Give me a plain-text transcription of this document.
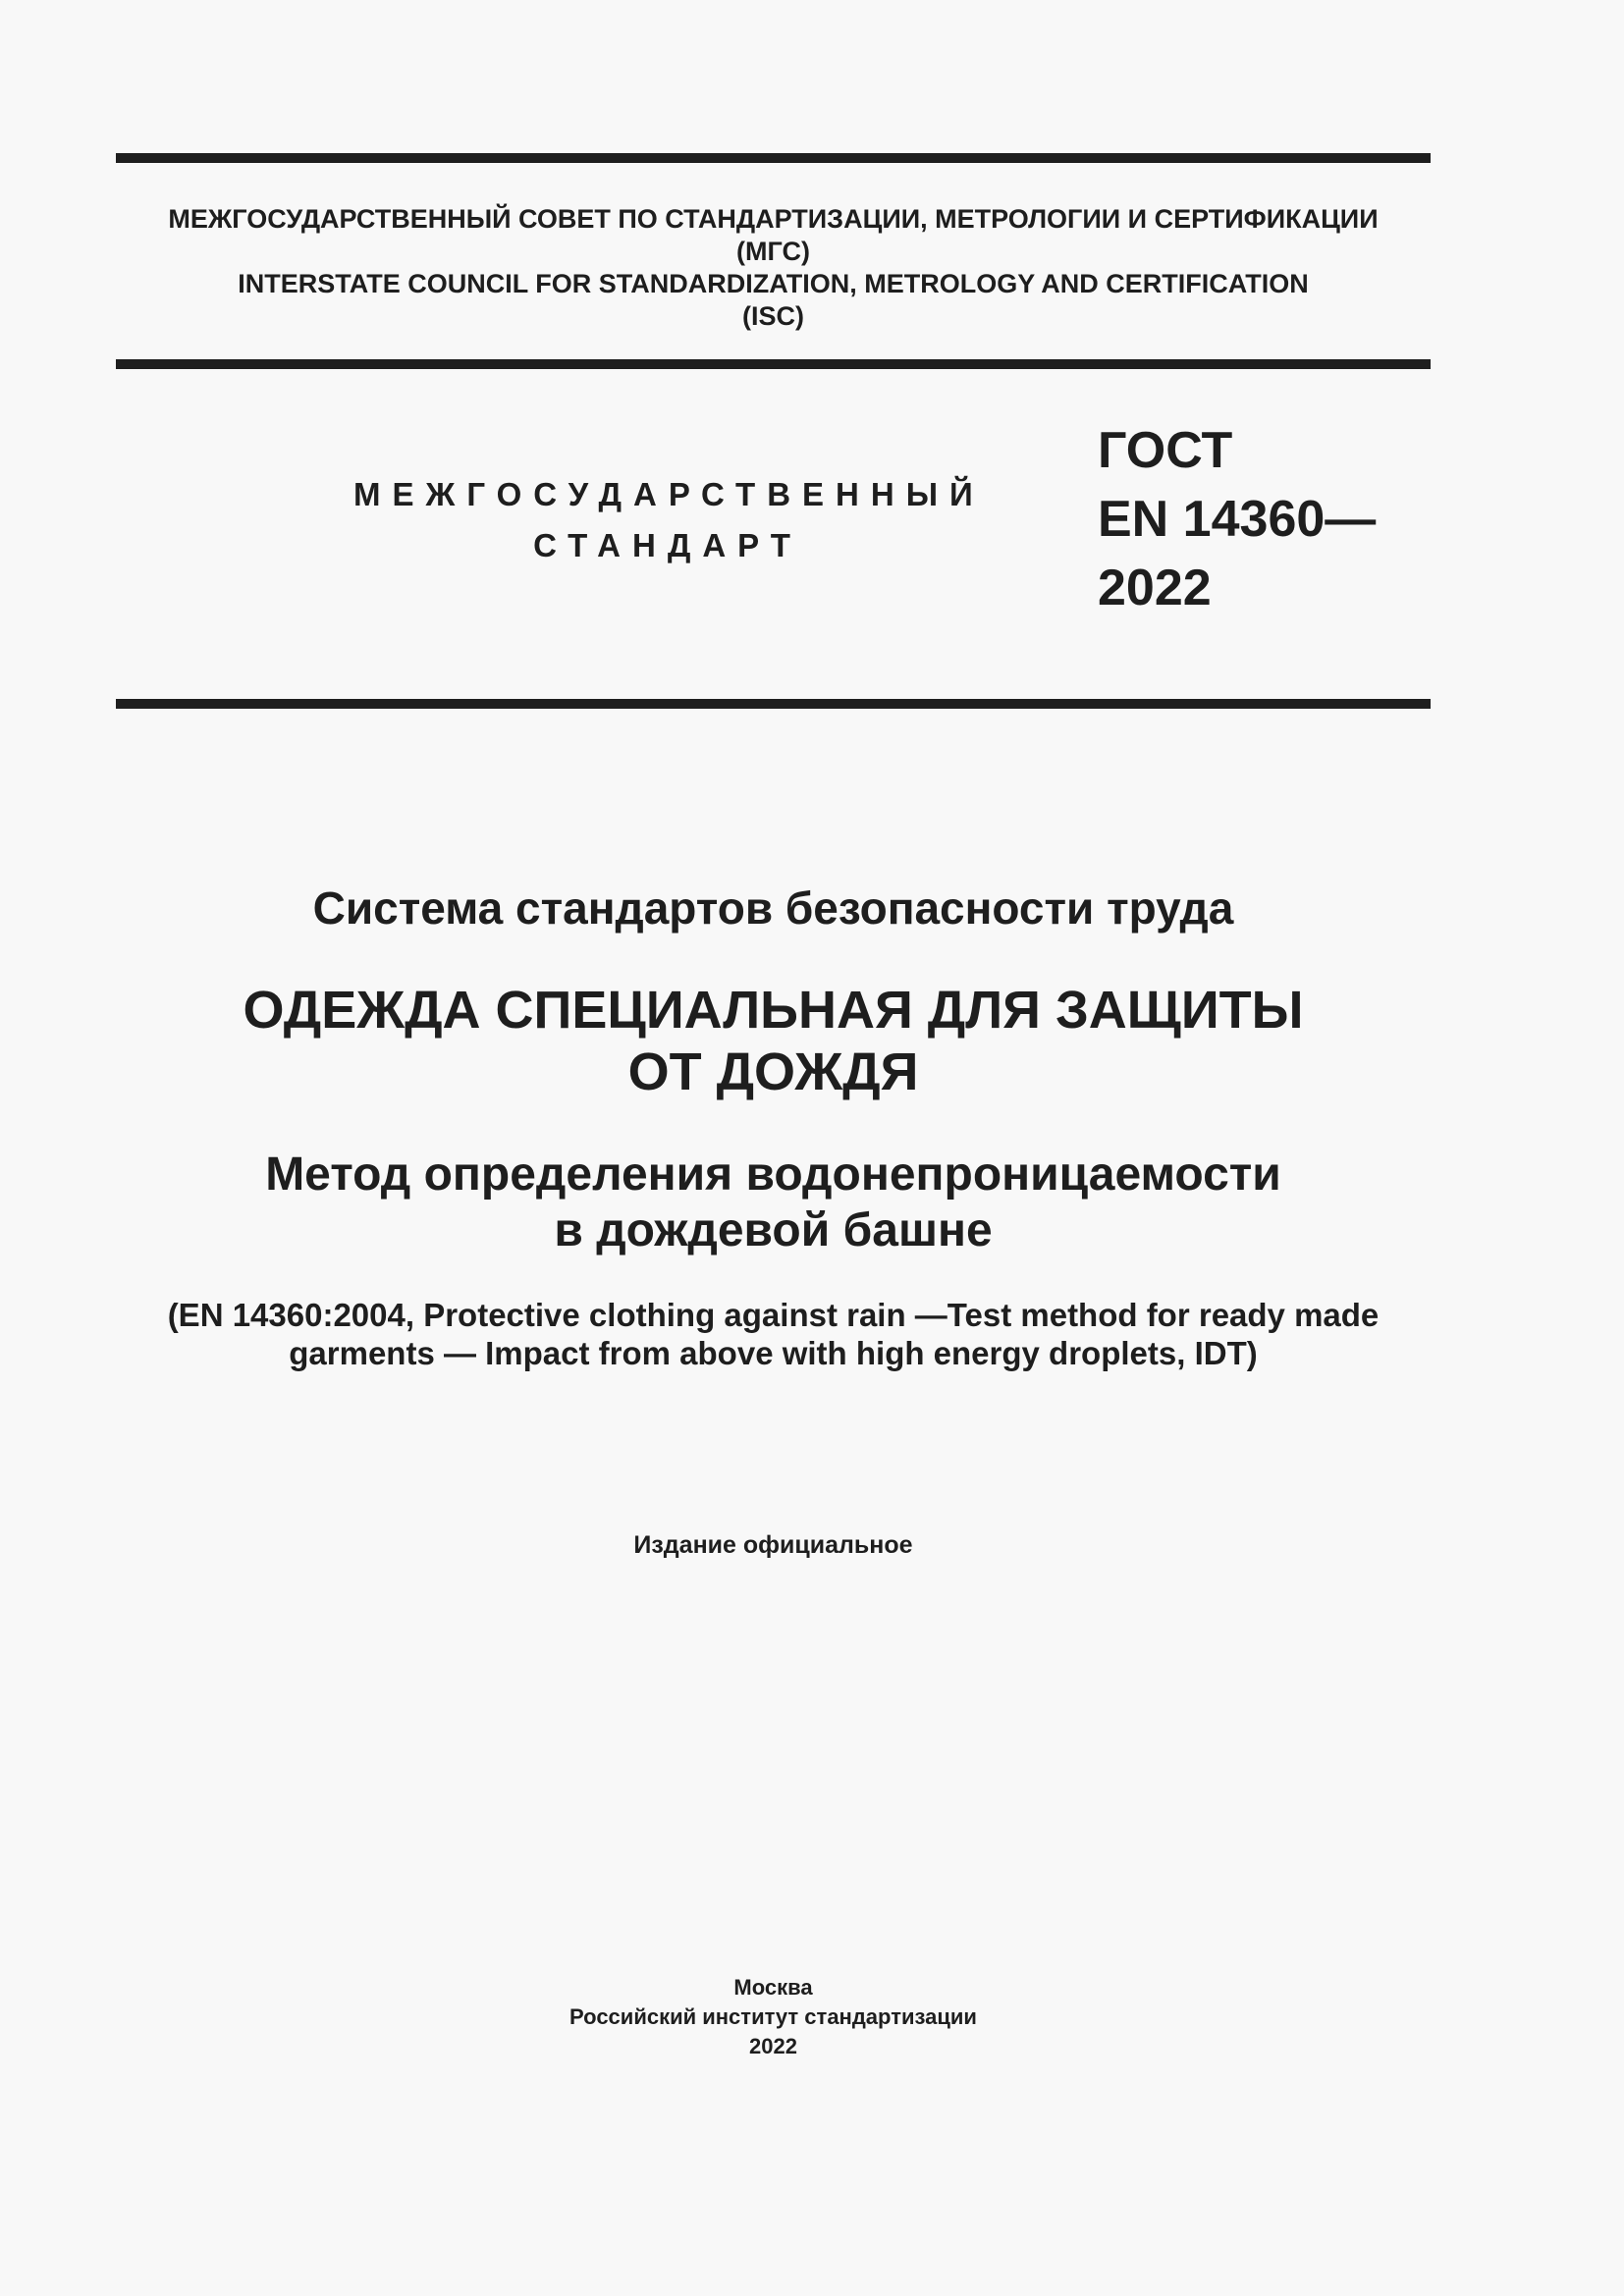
МЕЖГОСУДАРСТВЕННЫЙ СОВЕТ ПО СТАНДАРТИЗАЦИИ, МЕТРОЛОГИИ И СЕРТИФИКАЦИИ
(МГС)
INTERSTATE COUNCIL FOR STANDARDIZATION, METROLOGY AND CERTIFICATION
(ISC)
МЕЖГОСУДАРСТВЕННЫЙ
СТАНДАРТ
ГОСТ
EN 14360—
2022
Система стандартов безопасности труда
ОДЕЖДА СПЕЦИАЛЬНАЯ ДЛЯ ЗАЩИТЫ
ОТ ДОЖДЯ
Метод определения водонепроницаемости
в дождевой башне
(EN 14360:2004, Protective clothing against rain —Test method for ready made
garments — Impact from above with high energy droplets, IDT)
Издание официальное
Москва
Российский институт стандартизации
2022
